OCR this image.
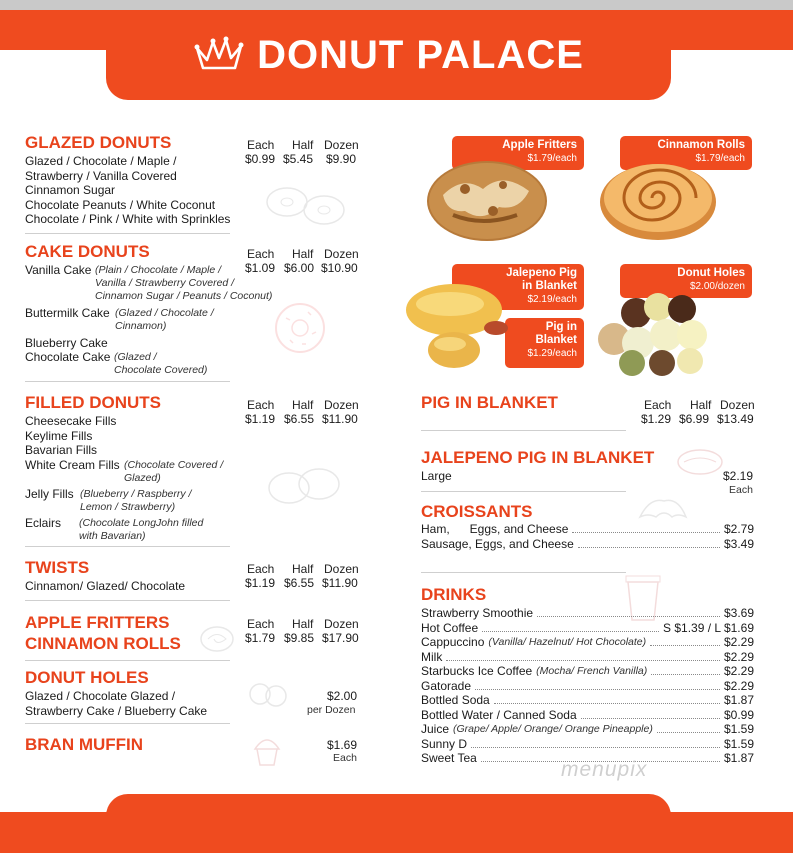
DONUT PALACE
GLAZED DONUTS	Each Half Dozen
$0.99 $5.45 $9.90
Glazed / Chocolate / Maple /
Strawberry / Vanilla Covered
Cinnamon Sugar
Chocolate Peanuts / White Coconut
Chocolate / Pink / White with Sprinkles
CAKE DONUTS	Each Half Dozen
$1.09 $6.00 $10.90
Vanilla Cake (Plain / Chocolate / Maple /
Vanilla / Strawberry Covered /
Cinnamon Sugar / Peanuts / Coconut)
Buttermilk Cake (Glazed / Chocolate /
Cinnamon)
Blueberry Cake
Chocolate Cake (Glazed /
Chocolate Covered)
FILLED DONUTS	Each Half Dozen
$1.19 $6.55 $11.90
Cheesecake Fills
Keylime Fills
Bavarian Fills
White Cream Fills (Chocolate Covered /
Glazed)
Jelly Fills (Blueberry / Raspberry /
Lemon / Strawberry)
Eclairs (Chocolate LongJohn filled
with Bavarian)
TWISTS	Each Half Dozen
$1.19 $6.55 $11.90
Cinnamon/ Glazed/ Chocolate
APPLE FRITTERS
CINNAMON ROLLS
Each Half Dozen
$1.79 $9.85 $17.90
DONUT HOLES
Glazed / Chocolate Glazed /
Strawberry Cake / Blueberry Cake
$2.00
per Dozen
BRAN MUFFIN	$1.69
Each
Apple Fritters
$1.79/each
Cinnamon Rolls
$1.79/each
Jalepeno Pig
in Blanket
$2.19/each
Pig in
Blanket
$1.29/each
Donut Holes
$2.00/dozen
PIG IN BLANKET	Each Half Dozen
$1.29 $6.99 $13.49
JALEPENO PIG IN BLANKET
Large	$2.19
Each
CROISSANTS
Ham, Eggs, and Cheese	$2.79
Sausage, Eggs, and Cheese	$3.49
DRINKS
Strawberry Smoothie	$3.69
Hot Coffee	S $1.39 / L $1.69
Cappuccino (Vanilla/ Hazelnut/ Hot Chocolate)	$2.29
Milk	$2.29
Starbucks Ice Coffee (Mocha/ French Vanilla)	$2.29
Gatorade	$2.29
Bottled Soda	$1.87
Bottled Water / Canned Soda	$0.99
Juice (Grape/ Apple/ Orange/ Orange Pineapple)	$1.59
Sunny D	$1.59
Sweet Tea	$1.87
menupix
